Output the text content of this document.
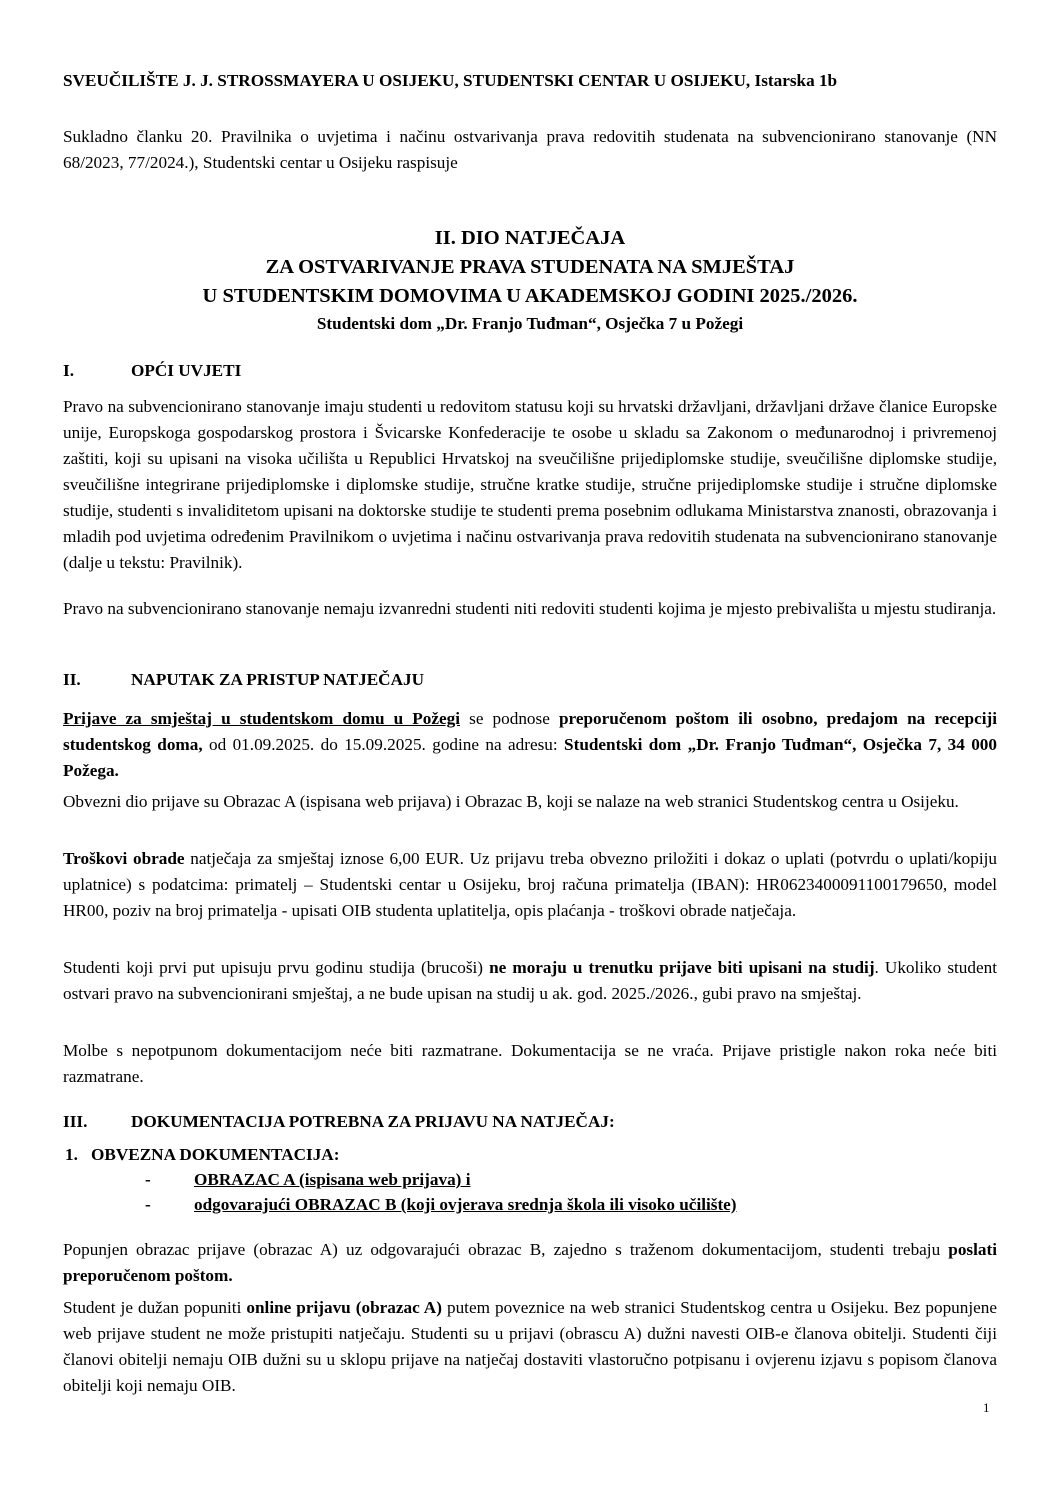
SVEUČILIŠTE J. J. STROSSMAYERA U OSIJEKU, STUDENTSKI CENTAR U OSIJEKU, Istarska 1b
Sukladno članku 20. Pravilnika o uvjetima i načinu ostvarivanja prava redovitih studenata na subvencionirano stanovanje (NN 68/2023, 77/2024.), Studentski centar u Osijeku raspisuje
II. DIO NATJEČAJA
ZA OSTVARIVANJE PRAVA STUDENATA NA SMJEŠTAJ
U STUDENTSKIM DOMOVIMA U AKADEMSKOJ GODINI 2025./2026.
Studentski dom „Dr. Franjo Tuđman“, Osječka 7 u Požegi
I.	OPĆI UVJETI
Pravo na subvencionirano stanovanje imaju studenti u redovitom statusu koji su hrvatski državljani, državljani države članice Europske unije, Europskoga gospodarskog prostora i Švicarske Konfederacije te osobe u skladu sa Zakonom o međunarodnoj i privremenoj zaštiti, koji su upisani na visoka učilišta u Republici Hrvatskoj na sveučilišne prijediplomske studije, sveučilišne diplomske studije, sveučilišne integrirane prijediplomske i diplomske studije, stručne kratke studije, stručne prijediplomske studije i stručne diplomske studije, studenti s invaliditetom upisani na doktorske studije te studenti prema posebnim odlukama Ministarstva znanosti, obrazovanja i mladih pod uvjetima određenim Pravilnikom o uvjetima i načinu ostvarivanja prava redovitih studenata na subvencionirano stanovanje (dalje u tekstu: Pravilnik).
Pravo na subvencionirano stanovanje nemaju izvanredni studenti niti redoviti studenti kojima je mjesto prebivališta u mjestu studiranja.
II.	NAPUTAK ZA PRISTUP NATJEČAJU
Prijave za smještaj u studentskom domu u Požegi se podnose preporučenom poštom ili osobno, predajom na recepciji studentskog doma, od 01.09.2025. do 15.09.2025. godine na adresu: Studentski dom „Dr. Franjo Tuđman“, Osječka 7, 34 000 Požega.
Obvezni dio prijave su Obrazac A (ispisana web prijava) i Obrazac B, koji se nalaze na web stranici Studentskog centra u Osijeku.
Troškovi obrade natječaja za smještaj iznose 6,00 EUR. Uz prijavu treba obvezno priložiti i dokaz o uplati (potvrdu o uplati/kopiju uplatnice) s podatcima: primatelj – Studentski centar u Osijeku, broj računa primatelja (IBAN): HR0623400091100179650, model HR00, poziv na broj primatelja - upisati OIB studenta uplatitelja, opis plaćanja - troškovi obrade natječaja.
Studenti koji prvi put upisuju prvu godinu studija (brucoši) ne moraju u trenutku prijave biti upisani na studij. Ukoliko student ostvari pravo na subvencionirani smještaj, a ne bude upisan na studij u ak. god. 2025./2026., gubi pravo na smještaj.
Molbe s nepotpunom dokumentacijom neće biti razmatrane. Dokumentacija se ne vraća. Prijave pristigle nakon roka neće biti razmatrane.
III.	DOKUMENTACIJA POTREBNA ZA PRIJAVU NA NATJEČAJ:
1. OBVEZNA DOKUMENTACIJA:
-	OBRAZAC A (ispisana web prijava) i
-	odgovarajući OBRAZAC B (koji ovjerava srednja škola ili visoko učilište)
Popunjen obrazac prijave (obrazac A) uz odgovarajući obrazac B, zajedno s traženom dokumentacijom, studenti trebaju poslati preporučenom poštom.
Student je dužan popuniti online prijavu (obrazac A) putem poveznice na web stranici Studentskog centra u Osijeku. Bez popunjene web prijave student ne može pristupiti natječaju. Studenti su u prijavi (obrascu A) dužni navesti OIB-e članova obitelji. Studenti čiji članovi obitelji nemaju OIB dužni su u sklopu prijave na natječaj dostaviti vlastoručno potpisanu i ovjerenu izjavu s popisom članova obitelji koji nemaju OIB.
1
